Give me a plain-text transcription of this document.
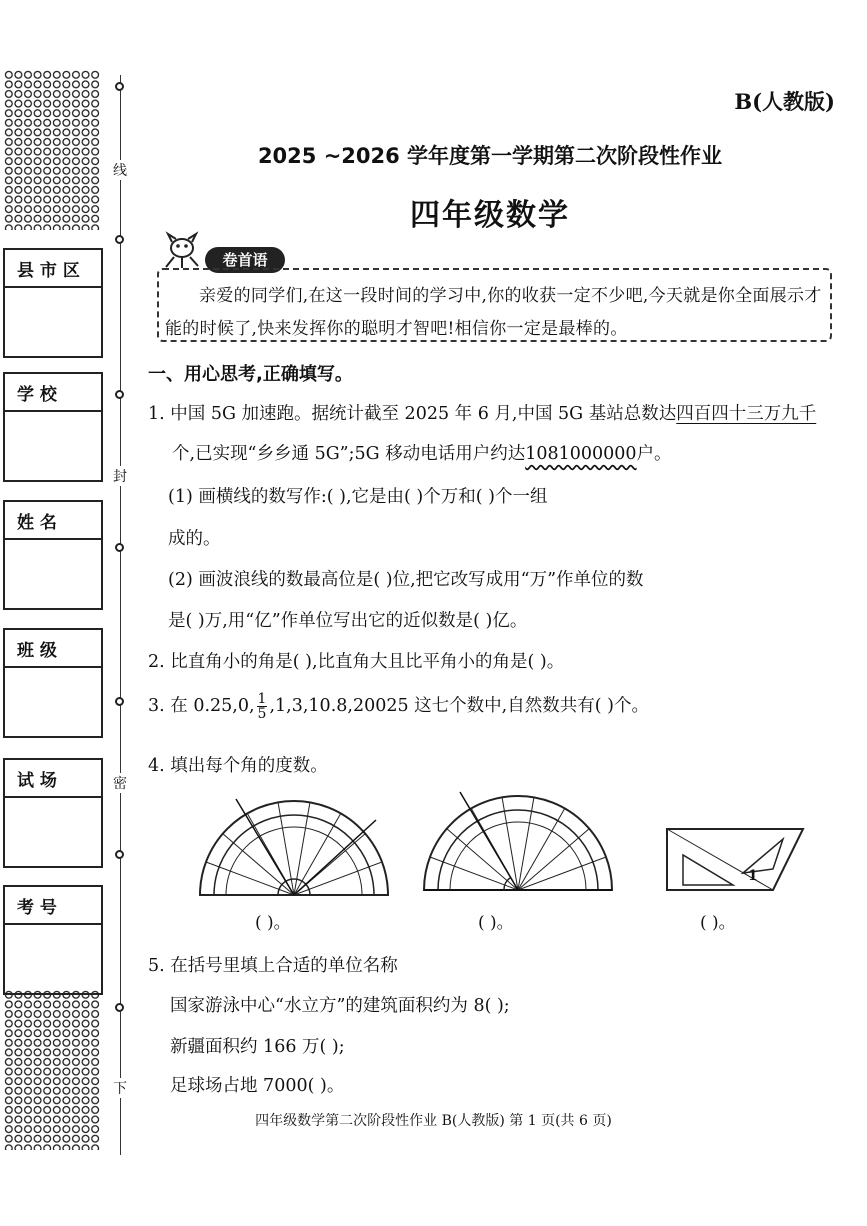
县 市 区
学 校
姓 名
班 级
试 场
考 号
线
封
密
下
B(人教版)
2025 ~2026 学年度第一学期第二次阶段性作业
四年级数学
卷首语
亲爱的同学们,在这一段时间的学习中,你的收获一定不少吧,今天就是你全面展示才能的时候了,快来发挥你的聪明才智吧!相信你一定是最棒的。
一、用心思考,正确填写。
1. 中国 5G 加速跑。据统计截至 2025 年 6 月,中国 5G 基站总数达四百四十三万九千
个,已实现“乡乡通 5G”;5G 移动电话用户约达1081000000户。
(1) 画横线的数写作:( ),它是由( )个万和( )个一组
成的。
(2) 画波浪线的数最高位是( )位,把它改写成用“万”作单位的数
是( )万,用“亿”作单位写出它的近似数是( )亿。
2. 比直角小的角是( ),比直角大且比平角小的角是( )。
3. 在 0.25,0, $\frac{1}{5} ,1,3,10.8,20025$ 这七个数中,自然数共有( )个。
4. 填出每个角的度数。
1
( )。	( )。	( )。
5. 在括号里填上合适的单位名称
国家游泳中心“水立方”的建筑面积约为 8( );
新疆面积约 166 万( );
足球场占地 7000( )。
四年级数学第二次阶段性作业 B(人教版) 第 1 页(共 6 页)
